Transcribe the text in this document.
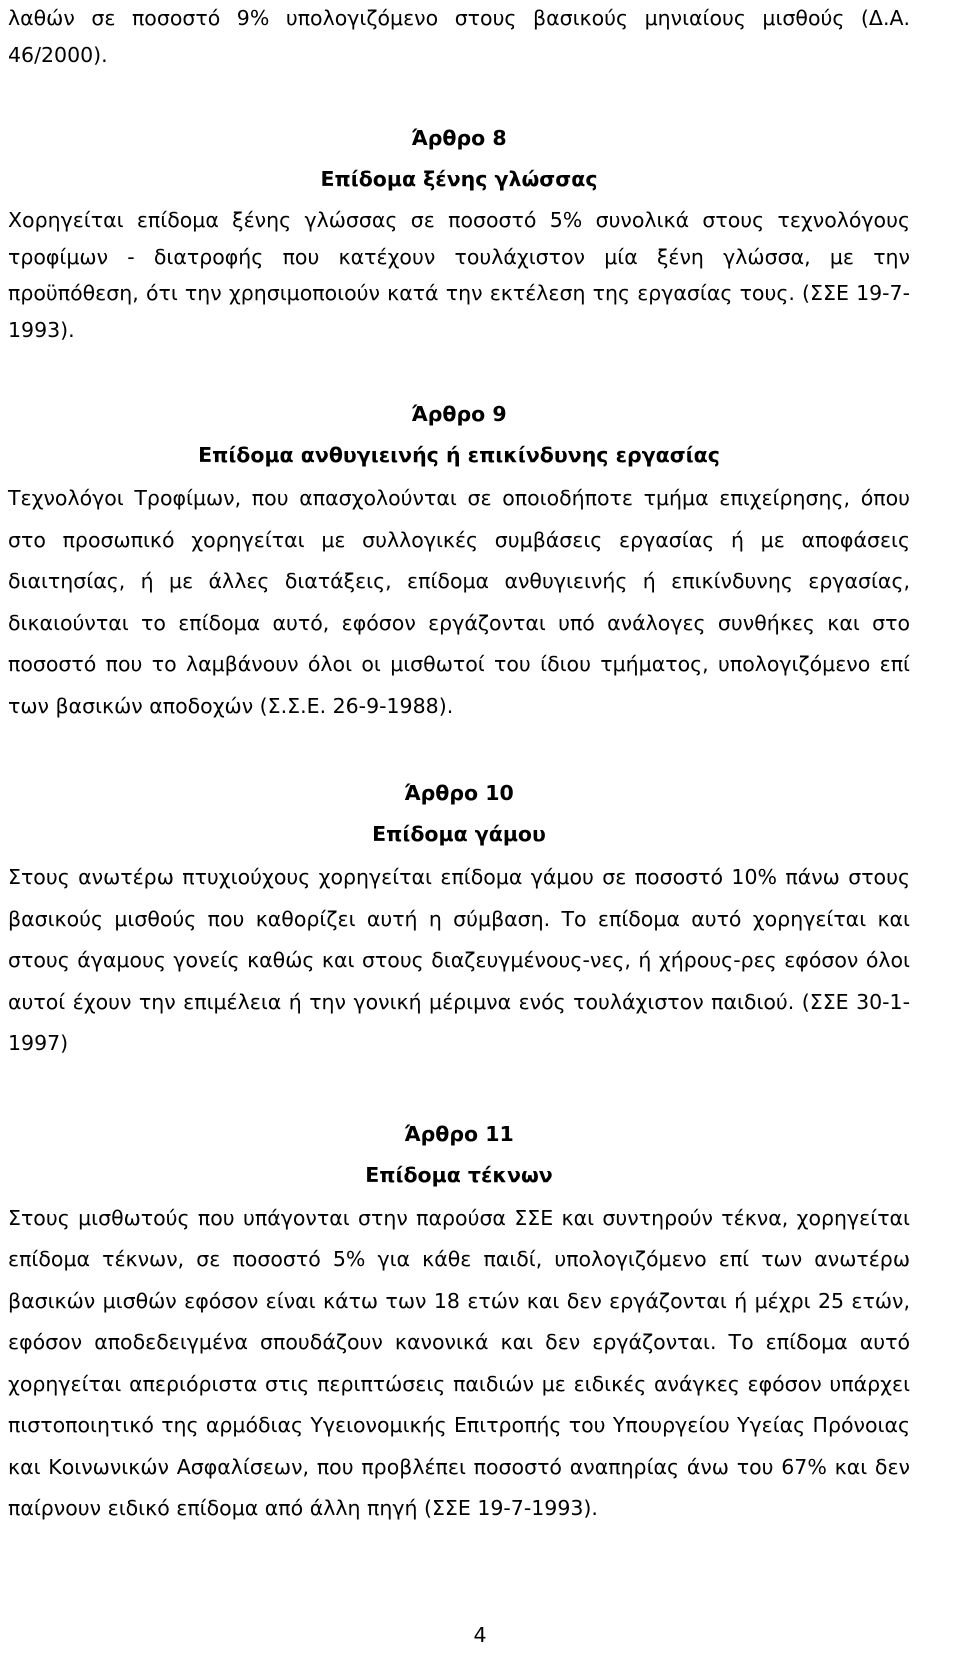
λαθών σε ποσοστό 9% υπολογιζόμενο στους βασικούς μηνιαίους μισθούς (Δ.Α. 46/2000).

Άρθρο 8

Επίδομα ξένης γλώσσας

Χορηγείται επίδομα ξένης γλώσσας σε ποσοστό 5% συνολικά στους τεχνολόγους τροφίμων - διατροφής που κατέχουν τουλάχιστον μία ξένη γλώσσα, με την προϋπόθεση, ότι την χρησιμοποιούν κατά την εκτέλεση της εργασίας τους. (ΣΣΕ 19-7-1993).

Άρθρο 9

Επίδομα ανθυγιεινής ή επικίνδυνης εργασίας

Τεχνολόγοι Τροφίμων, που απασχολούνται σε οποιοδήποτε τμήμα επιχείρησης, όπου στο προσωπικό χορηγείται με συλλογικές συμβάσεις εργασίας ή με αποφάσεις διαιτησίας, ή με άλλες διατάξεις, επίδομα ανθυγιεινής ή επικίνδυνης εργασίας, δικαιούνται το επίδομα αυτό, εφόσον εργάζονται υπό ανάλογες συνθήκες και στο ποσοστό που το λαμβάνουν όλοι οι μισθωτοί του ίδιου τμήματος, υπολογιζόμενο επί των βασικών αποδοχών (Σ.Σ.Ε. 26-9-1988).

Άρθρο 10

Επίδομα γάμου

Στους ανωτέρω πτυχιούχους χορηγείται επίδομα γάμου σε ποσοστό 10% πάνω στους βασικούς μισθούς που καθορίζει αυτή η σύμβαση. Το επίδομα αυτό χορηγείται και στους άγαμους γονείς καθώς και στους διαζευγμένους-νες, ή χήρους-ρες εφόσον όλοι αυτοί έχουν την επιμέλεια ή την γονική μέριμνα ενός τουλάχιστον παιδιού. (ΣΣΕ 30-1-1997)

Άρθρο 11

Επίδομα τέκνων

Στους μισθωτούς που υπάγονται στην παρούσα ΣΣΕ και συντηρούν τέκνα, χορηγείται επίδομα τέκνων, σε ποσοστό 5% για κάθε παιδί, υπολογιζόμενο επί των ανωτέρω βασικών μισθών εφόσον είναι κάτω των 18 ετών και δεν εργάζονται ή μέχρι 25 ετών, εφόσον αποδεδειγμένα σπουδάζουν κανονικά και δεν εργάζονται. Το επίδομα αυτό χορηγείται απεριόριστα στις περιπτώσεις παιδιών με ειδικές ανάγκες εφόσον υπάρχει πιστοποιητικό της αρμόδιας Υγειονομικής Επιτροπής του Υπουργείου Υγείας Πρόνοιας και Κοινωνικών Ασφαλίσεων, που προβλέπει ποσοστό αναπηρίας άνω του 67% και δεν παίρνουν ειδικό επίδομα από άλλη πηγή (ΣΣΕ 19-7-1993).

4
